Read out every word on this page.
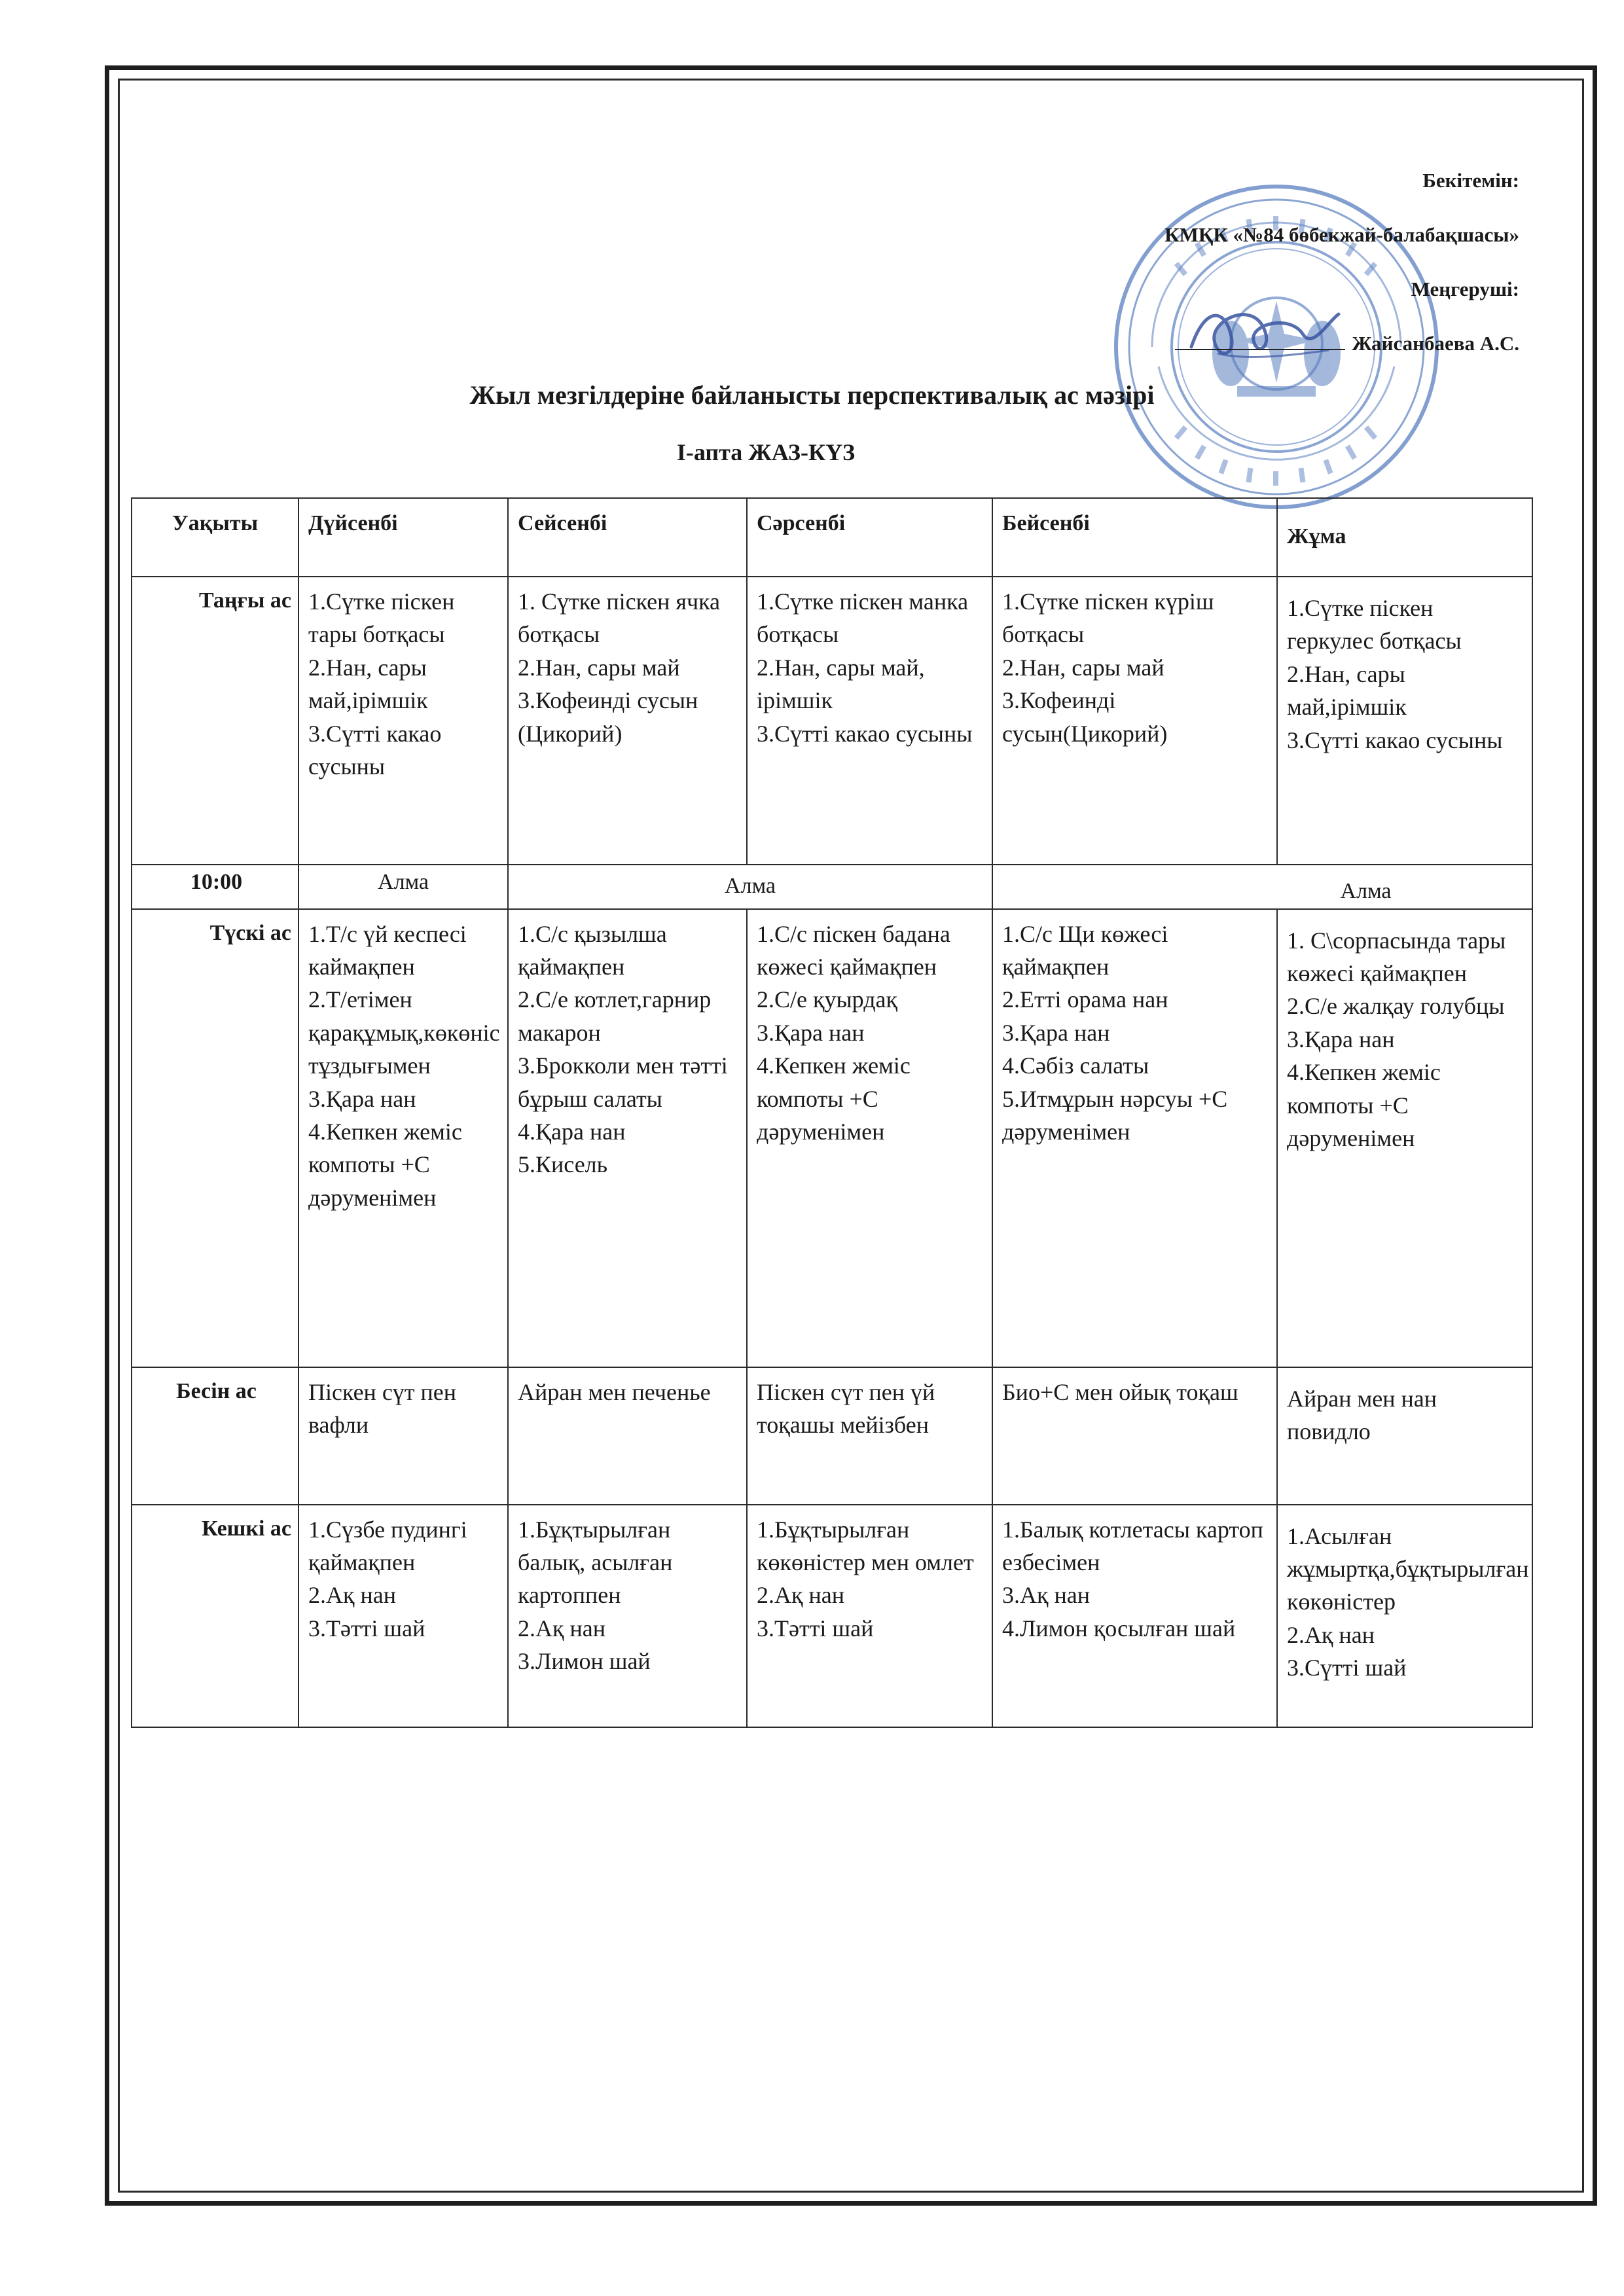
Бекітемін:
КМҚК «№84 бөбекжай-балабақшасы»
Меңгеруші:
Жайсанбаева А.С.
Жыл мезгілдеріне байланысты перспективалық ас мәзірі
І-апта ЖАЗ-КҮЗ
Уақыты	Дүйсенбі	Сейсенбі	Сәрсенбі	Бейсенбі	Жұма
Таңғы ас	1.Сүтке піскен тары ботқасы
2.Нан, сары май,ірімшік
3.Сүтті какао сусыны	1. Сүтке піскен ячка ботқасы
2.Нан, сары май
3.Кофеинді сусын (Цикорий)	1.Сүтке піскен манка ботқасы
2.Нан, сары май, ірімшік
3.Сүтті какао сусыны	1.Сүтке піскен күріш ботқасы
2.Нан, сары май
3.Кофеинді сусын(Цикорий)	1.Сүтке піскен геркулес ботқасы
2.Нан, сары май,ірімшік
3.Сүтті какао сусыны
10:00	Алма	Алма		Алма	
Түскі ас	1.Т/с үй кеспесі каймақпен
2.Т/етімен қарақұмық,көкөніс тұздығымен
3.Қара нан
4.Кепкен жеміс компоты +С дәруменімен	1.С/с қызылша қаймақпен
2.С/е котлет,гарнир макарон
3.Брокколи мен тәтті бұрыш салаты
4.Қара нан
5.Кисель	1.С/с піскен бадана көжесі қаймақпен
2.С/е қуырдақ
3.Қара нан
4.Кепкен жеміс компоты +С дәруменімен	1.С/с Щи көжесі қаймақпен
2.Етті орама нан
3.Қара нан
4.Сәбіз салаты
5.Итмұрын нәрсуы +С дәруменімен	1. С\сорпасында тары көжесі қаймақпен
2.С/е жалқау голубцы
3.Қара нан
4.Кепкен жеміс компоты +С дәруменімен
Бесін ас	Піскен сүт пен
вафли	Айран мен печенье	Піскен сүт пен үй тоқашы мейізбен	Био+С мен ойық тоқаш	Айран мен нан повидло
Кешкі ас	1.Сүзбе пудингі қаймақпен
2.Ақ нан
3.Тәтті шай	1.Бұқтырылған балық, асылған картоппен
2.Ақ нан
3.Лимон шай	1.Бұқтырылған көкөністер мен омлет
2.Ақ нан
3.Тәтті шай	1.Балық котлетасы картоп езбесімен
3.Ақ нан
4.Лимон қосылған шай	1.Асылған жұмыртқа,бұқтырылған көкөністер
2.Ақ нан
3.Сүтті шай
